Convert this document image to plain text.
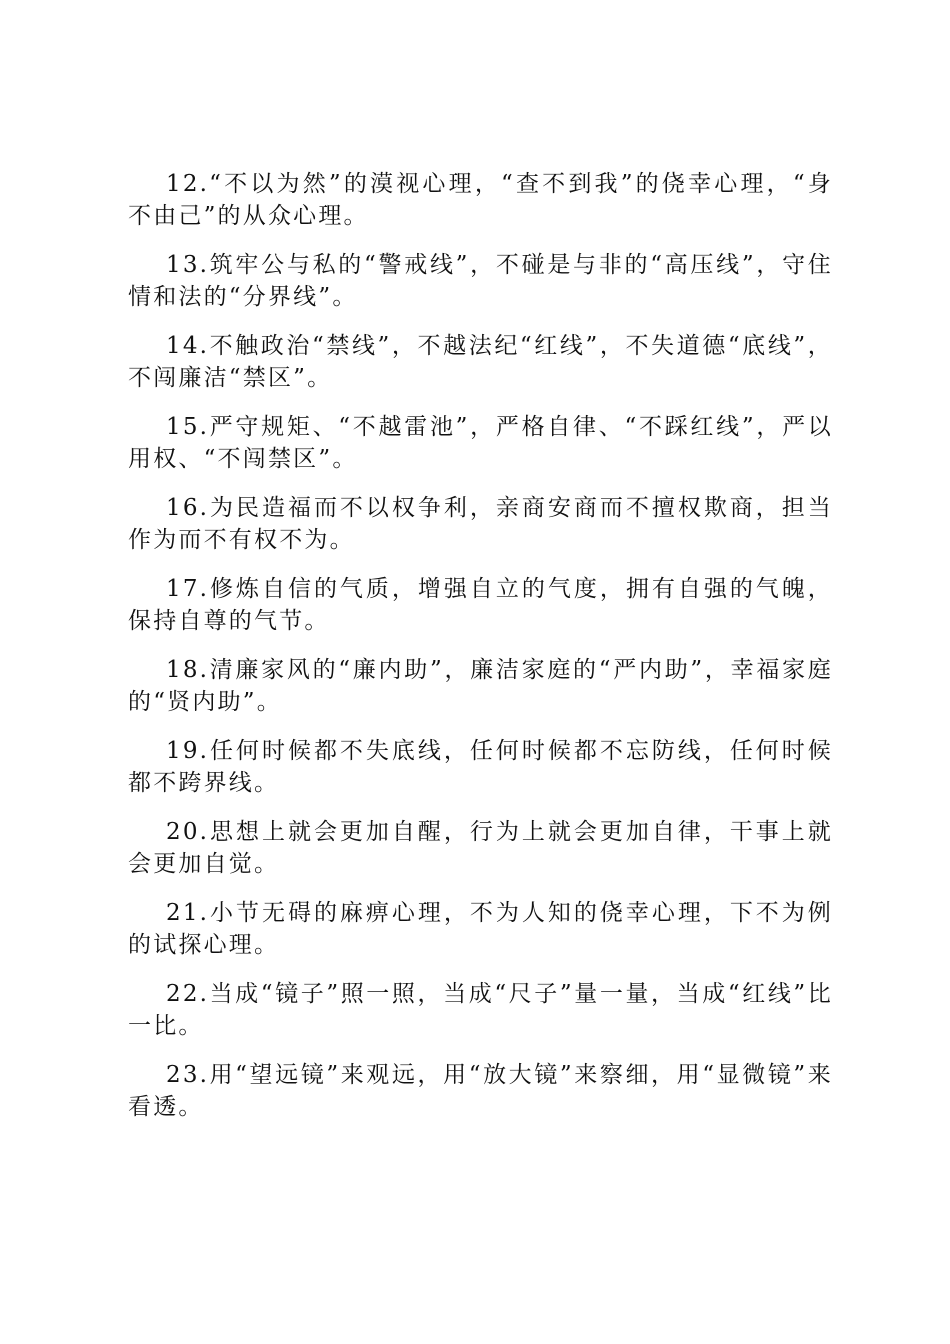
12.“不以为然”的漠视心理，“查不到我”的侥幸心理，“身不由己”的从众心理。

13.筑牢公与私的“警戒线”，不碰是与非的“高压线”，守住情和法的“分界线”。

14.不触政治“禁线”，不越法纪“红线”，不失道德“底线”，不闯廉洁“禁区”。

15.严守规矩、“不越雷池”，严格自律、“不踩红线”，严以用权、“不闯禁区”。

16.为民造福而不以权争利，亲商安商而不擅权欺商，担当作为而不有权不为。

17.修炼自信的气质，增强自立的气度，拥有自强的气魄，保持自尊的气节。

18.清廉家风的“廉内助”，廉洁家庭的“严内助”，幸福家庭的“贤内助”。

19.任何时候都不失底线，任何时候都不忘防线，任何时候都不跨界线。

20.思想上就会更加自醒，行为上就会更加自律，干事上就会更加自觉。

21.小节无碍的麻痹心理，不为人知的侥幸心理，下不为例的试探心理。

22.当成“镜子”照一照，当成“尺子”量一量，当成“红线”比一比。

23.用“望远镜”来观远，用“放大镜”来察细，用“显微镜”来看透。
